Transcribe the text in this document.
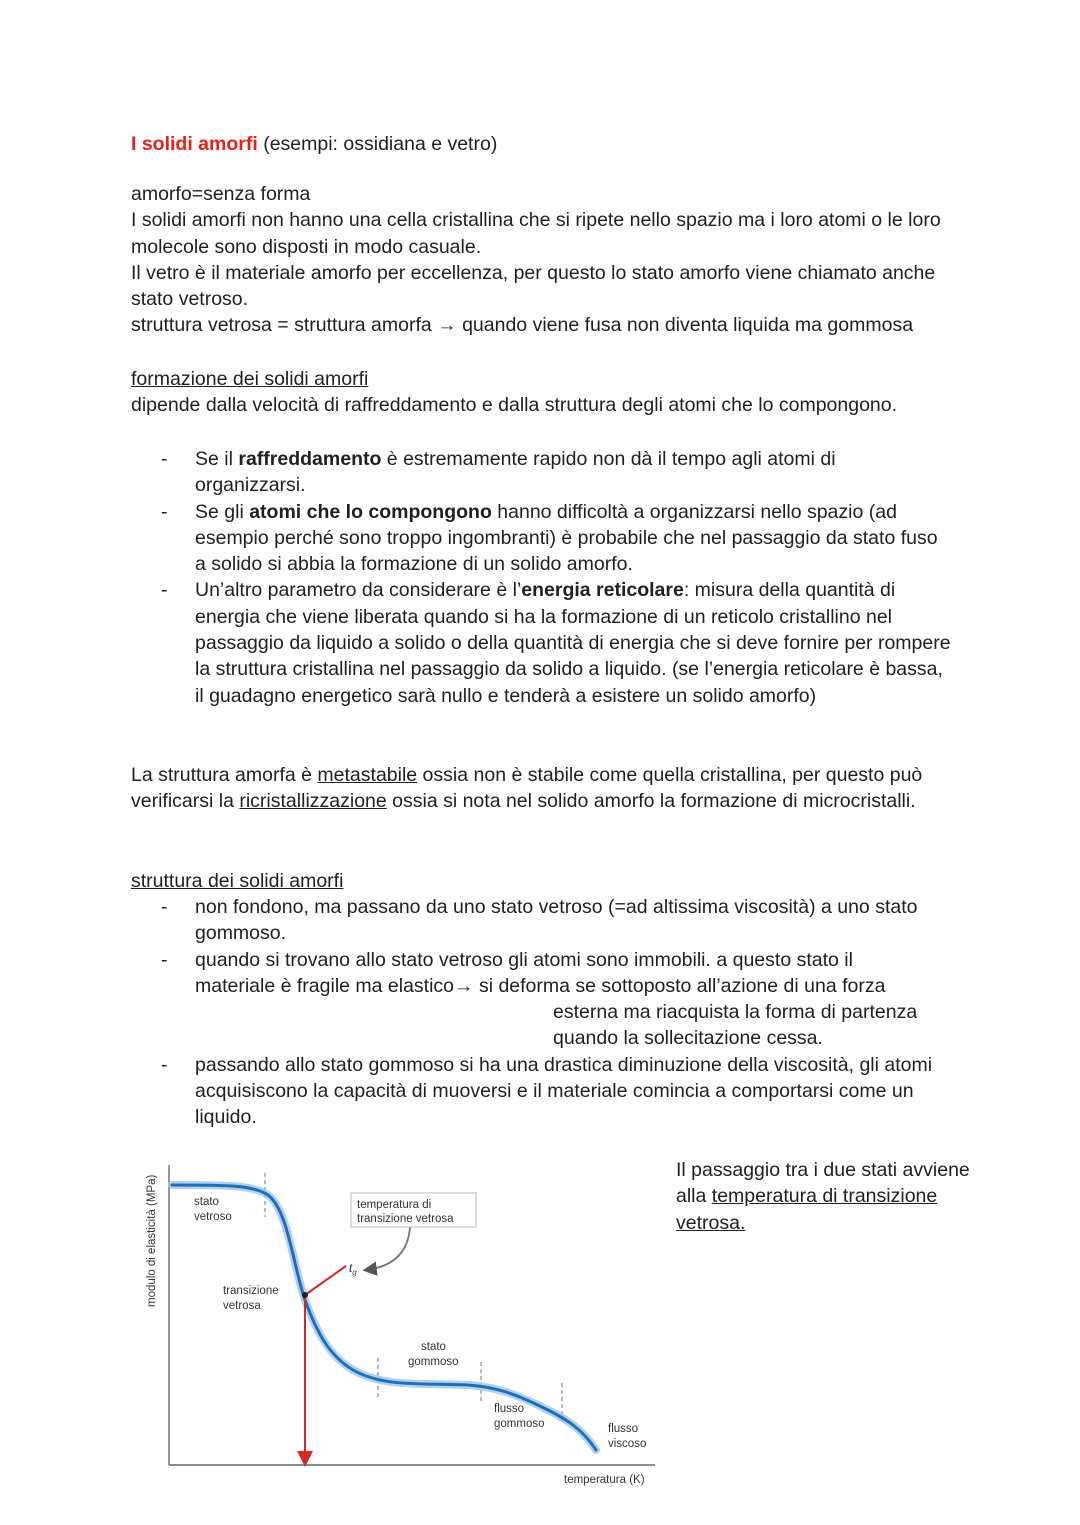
I solidi amorfi (esempi: ossidiana e vetro)

amorfo=senza forma

I solidi amorfi non hanno una cella cristallina che si ripete nello spazio ma i loro atomi o le loro molecole sono disposti in modo casuale.

Il vetro è il materiale amorfo per eccellenza, per questo lo stato amorfo viene chiamato anche stato vetroso.

struttura vetrosa = struttura amorfa → quando viene fusa non diventa liquida ma gommosa

formazione dei solidi amorfi

dipende dalla velocità di raffreddamento e dalla struttura degli atomi che lo compongono.

- Se il raffreddamento è estremamente rapido non dà il tempo agli atomi di organizzarsi.
- Se gli atomi che lo compongono hanno difficoltà a organizzarsi nello spazio (ad esempio perché sono troppo ingombranti) è probabile che nel passaggio da stato fuso a solido si abbia la formazione di un solido amorfo.
- Un’altro parametro da considerare è l’energia reticolare: misura della quantità di energia che viene liberata quando si ha la formazione di un reticolo cristallino nel passaggio da liquido a solido o della quantità di energia che si deve fornire per rompere la struttura cristallina nel passaggio da solido a liquido. (se l’energia reticolare è bassa, il guadagno energetico sarà nullo e tenderà a esistere un solido amorfo)

La struttura amorfa è metastabile ossia non è stabile come quella cristallina, per questo può verificarsi la ricristallizzazione ossia si nota nel solido amorfo la formazione di microcristalli.

struttura dei solidi amorfi

- non fondono, ma passano da uno stato vetroso (=ad altissima viscosità) a uno stato gommoso.
- quando si trovano allo stato vetroso gli atomi sono immobili. a questo stato il
materiale è fragile ma elastico→ si deforma se sottoposto all’azione di una forza
esterna ma riacquista la forma di partenza
quando la sollecitazione cessa.
- passando allo stato gommoso si ha una drastica diminuzione della viscosità, gli atomi acquisiscono la capacità di muoversi e il materiale comincia a comportarsi come un liquido.
modulo di elasticità (MPa)
temperatura (K)
$t_g$
temperatura di
transizione vetrosa
stato
vetroso
transizione
vetrosa
stato
gommoso
flusso
gommoso	flusso
viscoso

Il passaggio tra i due stati avviene alla temperatura di transizione vetrosa.
